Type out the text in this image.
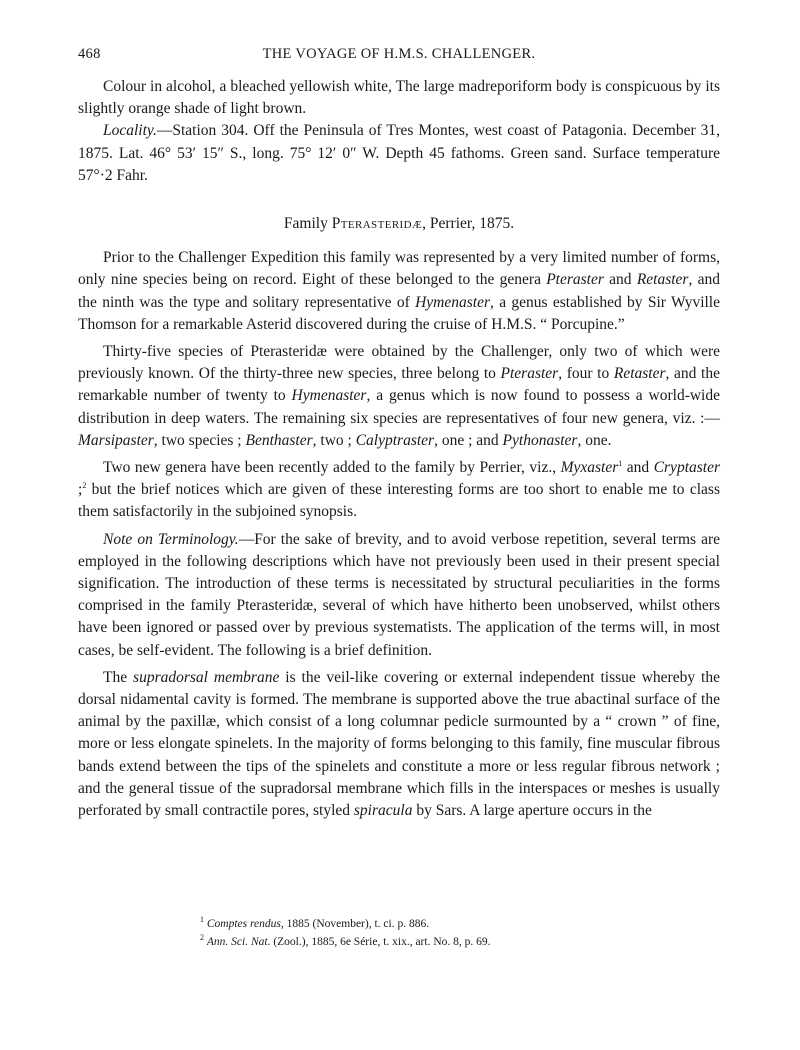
468	THE VOYAGE OF H.M.S. CHALLENGER.

Colour in alcohol, a bleached yellowish white, The large madreporiform body is conspicuous by its slightly orange shade of light brown.

Locality.—Station 304. Off the Peninsula of Tres Montes, west coast of Patagonia. December 31, 1875. Lat. 46° 53′ 15″ S., long. 75° 12′ 0″ W. Depth 45 fathoms. Green sand. Surface temperature 57°·2 Fahr.

Family Pterasteridæ, Perrier, 1875.

Prior to the Challenger Expedition this family was represented by a very limited number of forms, only nine species being on record. Eight of these belonged to the genera Pteraster and Retaster, and the ninth was the type and solitary representative of Hymenaster, a genus established by Sir Wyville Thomson for a remarkable Asterid discovered during the cruise of H.M.S. “ Porcupine.”

Thirty-five species of Pterasteridæ were obtained by the Challenger, only two of which were previously known. Of the thirty-three new species, three belong to Pteraster, four to Retaster, and the remarkable number of twenty to Hymenaster, a genus which is now found to possess a world-wide distribution in deep waters. The remaining six species are representatives of four new genera, viz. :—Marsipaster, two species ; Benthaster, two ; Calyptraster, one ; and Pythonaster, one.

Two new genera have been recently added to the family by Perrier, viz., Myxaster$^1$ and Cryptaster ;$^2$ but the brief notices which are given of these interesting forms are too short to enable me to class them satisfactorily in the subjoined synopsis.

Note on Terminology.—For the sake of brevity, and to avoid verbose repetition, several terms are employed in the following descriptions which have not previously been used in their present special signification. The introduction of these terms is necessitated by structural peculiarities in the forms comprised in the family Pterasteridæ, several of which have hitherto been unobserved, whilst others have been ignored or passed over by previous systematists. The application of the terms will, in most cases, be self-evident. The following is a brief definition.

The supradorsal membrane is the veil-like covering or external independent tissue whereby the dorsal nidamental cavity is formed. The membrane is supported above the true abactinal surface of the animal by the paxillæ, which consist of a long columnar pedicle surmounted by a “ crown ” of fine, more or less elongate spinelets. In the majority of forms belonging to this family, fine muscular fibrous bands extend between the tips of the spinelets and constitute a more or less regular fibrous network ; and the general tissue of the supradorsal membrane which fills in the interspaces or meshes is usually perforated by small contractile pores, styled spiracula by Sars. A large aperture occurs in the

$^1$ Comptes rendus, 1885 (November), t. ci. p. 886.
$^2$ Ann. Sci. Nat. (Zool.), 1885, 6e Série, t. xix., art. No. 8, p. 69.
